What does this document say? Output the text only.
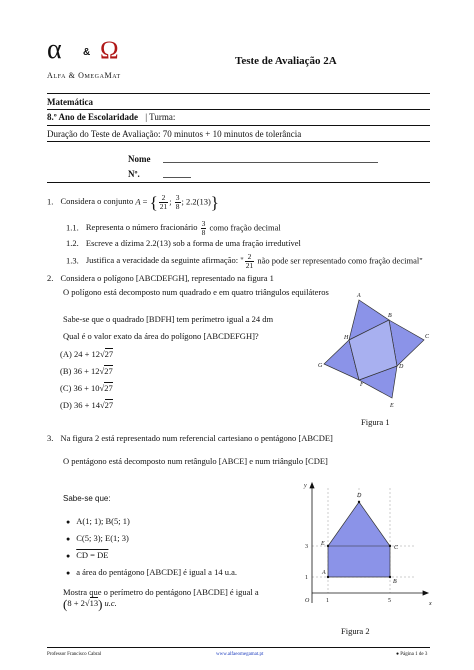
α & Ω
Alfa & OmegaMat
Teste de Avaliação 2A
Matemática
8.º Ano de Escolaridade | Turma:
Duração do Teste de Avaliação: 70 minutos + 10 minutos de tolerância
Nome
Nº.
1. Considera o conjunto A = { $\frac{2}{21}$ ; $\frac{3}{8}$ ; 2.2(13)}
1.1. Representa o número fracionário $\frac{3}{8}$ como fração decimal
1.2. Escreve a dízima 2.2(13) sob a forma de uma fração irredutível
1.3. Justifica a veracidade da seguinte afirmação: " $\frac{2}{21}$ não pode ser representado como fração decimal"
2. Considera o polígono [ABCDEFGH], representado na figura 1
O polígono está decomposto num quadrado e em quatro triângulos equiláteros
Sabe-se que o quadrado [BDFH] tem perímetro igual a 24 dm
Qual é o valor exato da área do polígono [ABCDEFGH]?
(A) 24 + 12√27
(B) 36 + 12√27
(C) 36 + 10√27
(D) 36 + 14√27
A
B
C
D
E
F
G
H
Figura 1
3. Na figura 2 está representado num referencial cartesiano o pentágono [ABCDE]
O pentágono está decomposto num retângulo [ABCE] e num triângulo [CDE]
Sabe-se que:
● A(1; 1); B(5; 1)
● C(5; 3); E(1; 3)
● CD = DE
● a área do pentágono [ABCDE] é igual a 14 u.a.
Mostra que o perímetro do pentágono [ABCDE] é igual a
(8 + 2√13) u.c.
A
B
C
D
E
O	x
y
1	5
1
3
Figura 2
Professor Francisco Cabral	www.alfaeomegamat.pt	● Página 1 de 3
